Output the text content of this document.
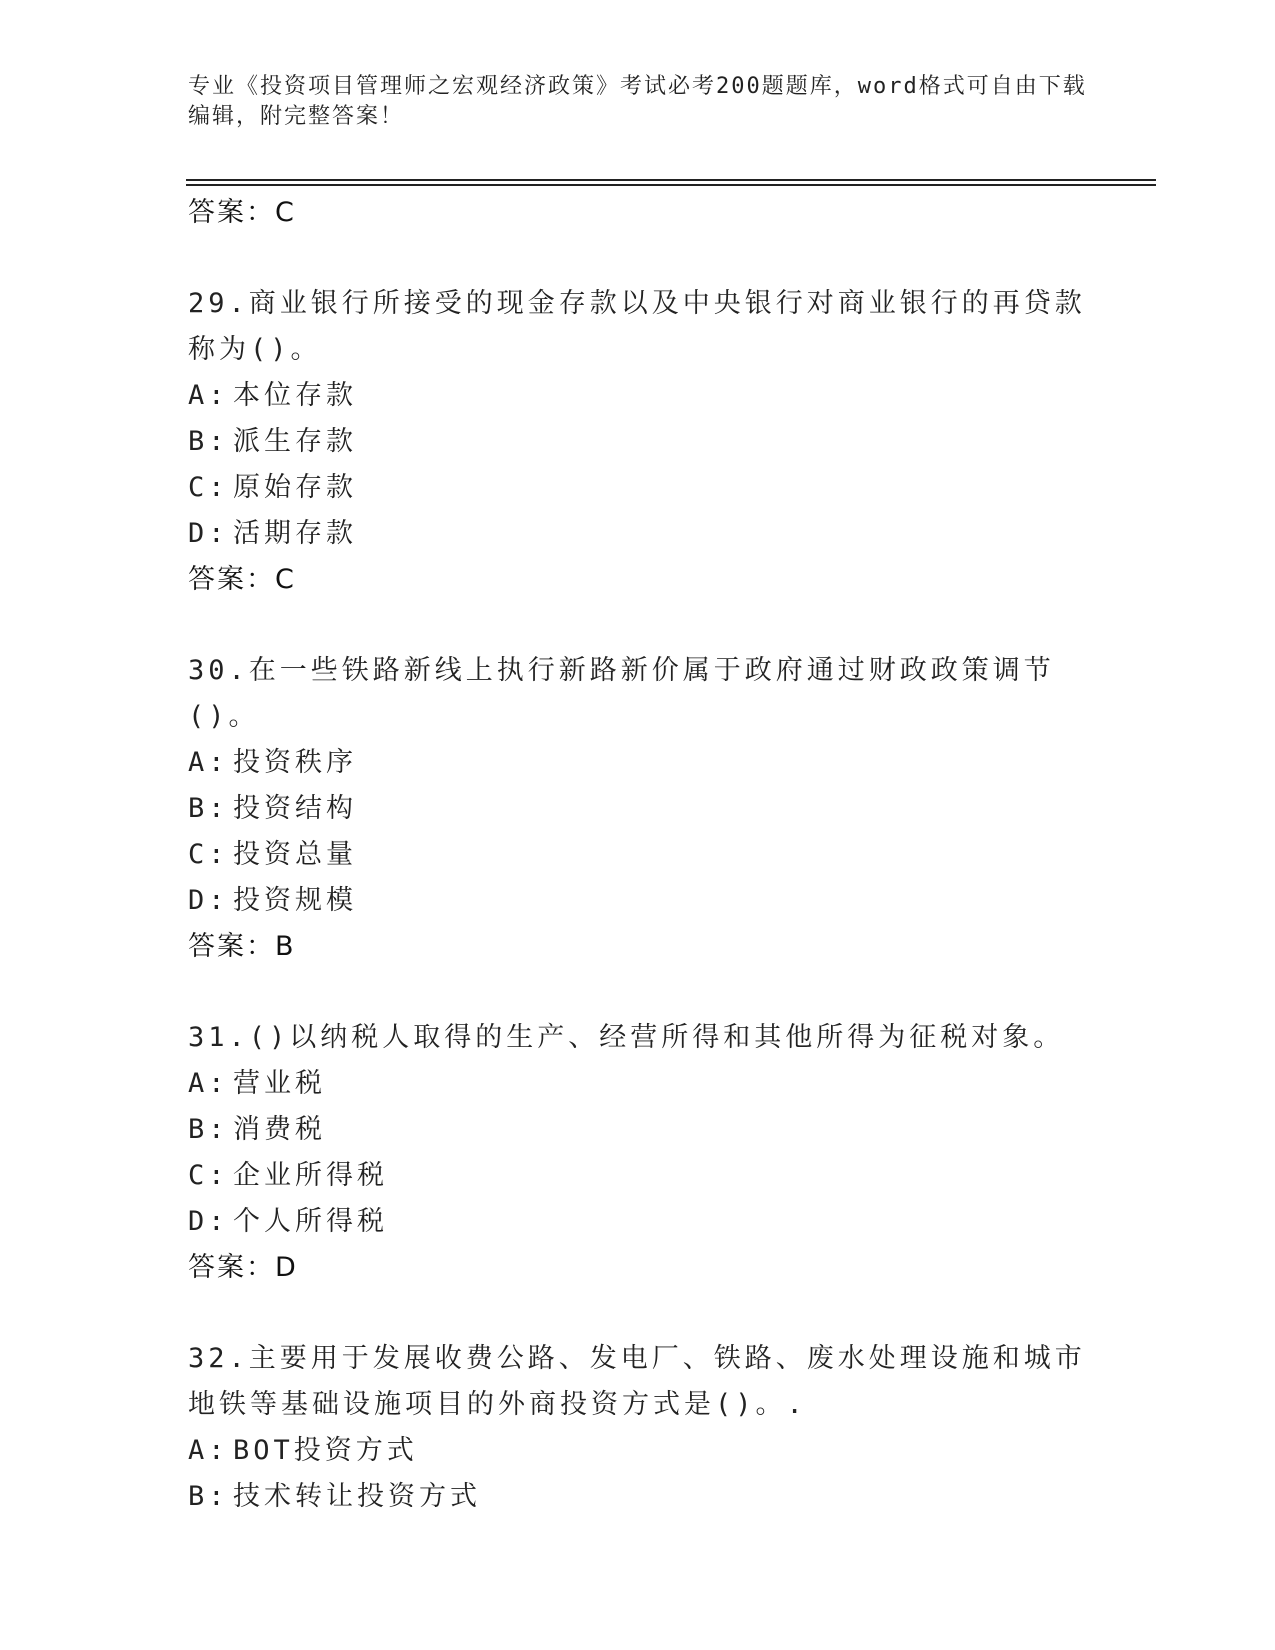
专业《投资项目管理师之宏观经济政策》考试必考200题题库，word格式可自由下载编辑，附完整答案！
答案：C
29.商业银行所接受的现金存款以及中央银行对商业银行的再贷款称为()。
A: 本位存款
B: 派生存款
C: 原始存款
D: 活期存款
答案：C
30.在一些铁路新线上执行新路新价属于政府通过财政政策调节()。
A: 投资秩序
B: 投资结构
C: 投资总量
D: 投资规模
答案：B
31.()以纳税人取得的生产、经营所得和其他所得为征税对象。
A: 营业税
B: 消费税
C: 企业所得税
D: 个人所得税
答案：D
32.主要用于发展收费公路、发电厂、铁路、废水处理设施和城市地铁等基础设施项目的外商投资方式是()。.
A: BOT投资方式
B: 技术转让投资方式
